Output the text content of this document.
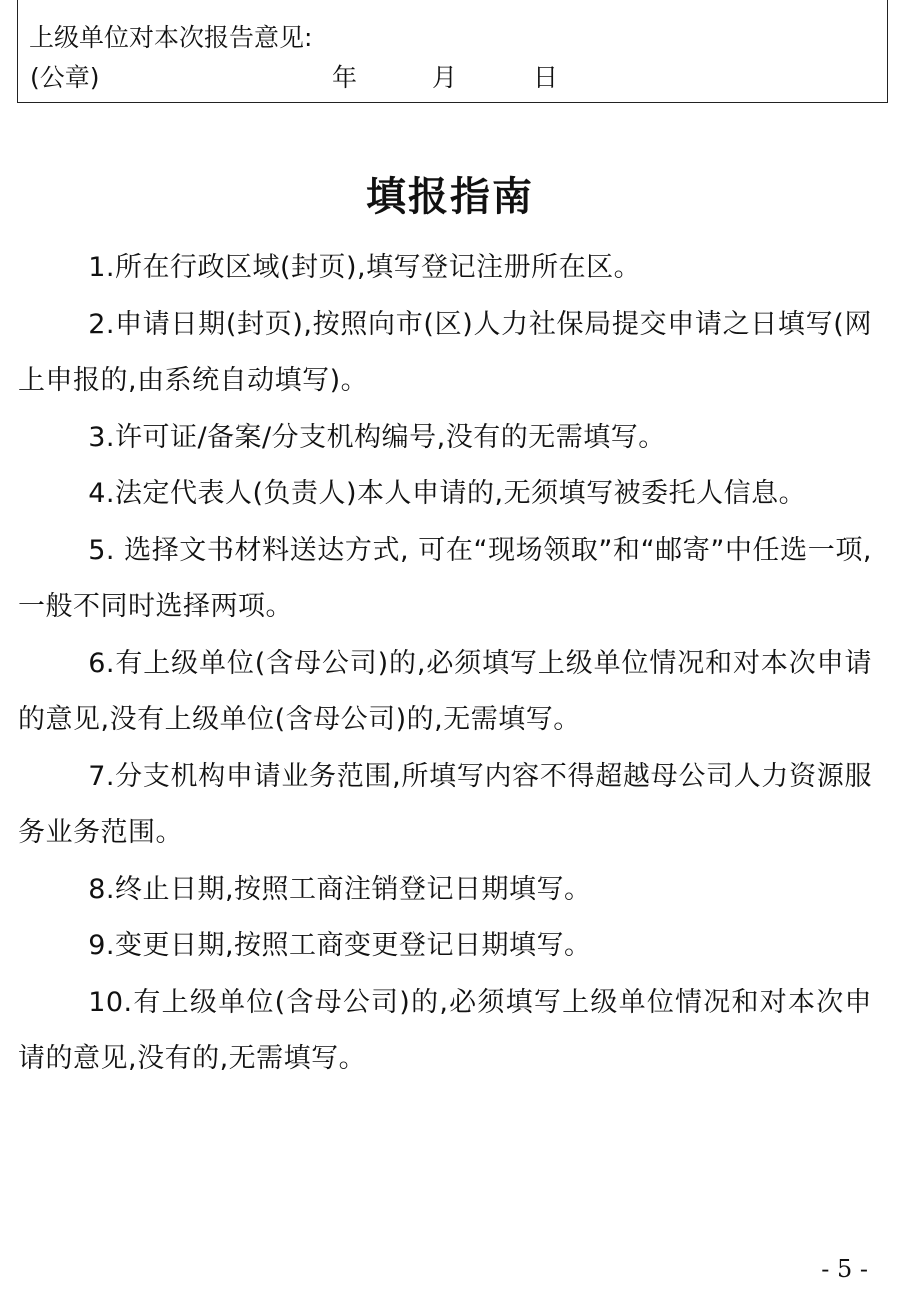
上级单位对本次报告意见:
(公章)	年	月	日
填报指南

1.所在行政区域(封页),填写登记注册所在区。

2.申请日期(封页),按照向市(区)人力社保局提交申请之日填写(网上申报的,由系统自动填写)。

3.许可证/备案/分支机构编号,没有的无需填写。

4.法定代表人(负责人)本人申请的,无须填写被委托人信息。

5. 选择文书材料送达方式, 可在“现场领取”和“邮寄”中任选一项,一般不同时选择两项。

6.有上级单位(含母公司)的,必须填写上级单位情况和对本次申请的意见,没有上级单位(含母公司)的,无需填写。

7.分支机构申请业务范围,所填写内容不得超越母公司人力资源服务业务范围。

8.终止日期,按照工商注销登记日期填写。

9.变更日期,按照工商变更登记日期填写。

10.有上级单位(含母公司)的,必须填写上级单位情况和对本次申请的意见,没有的,无需填写。

- 5 -
